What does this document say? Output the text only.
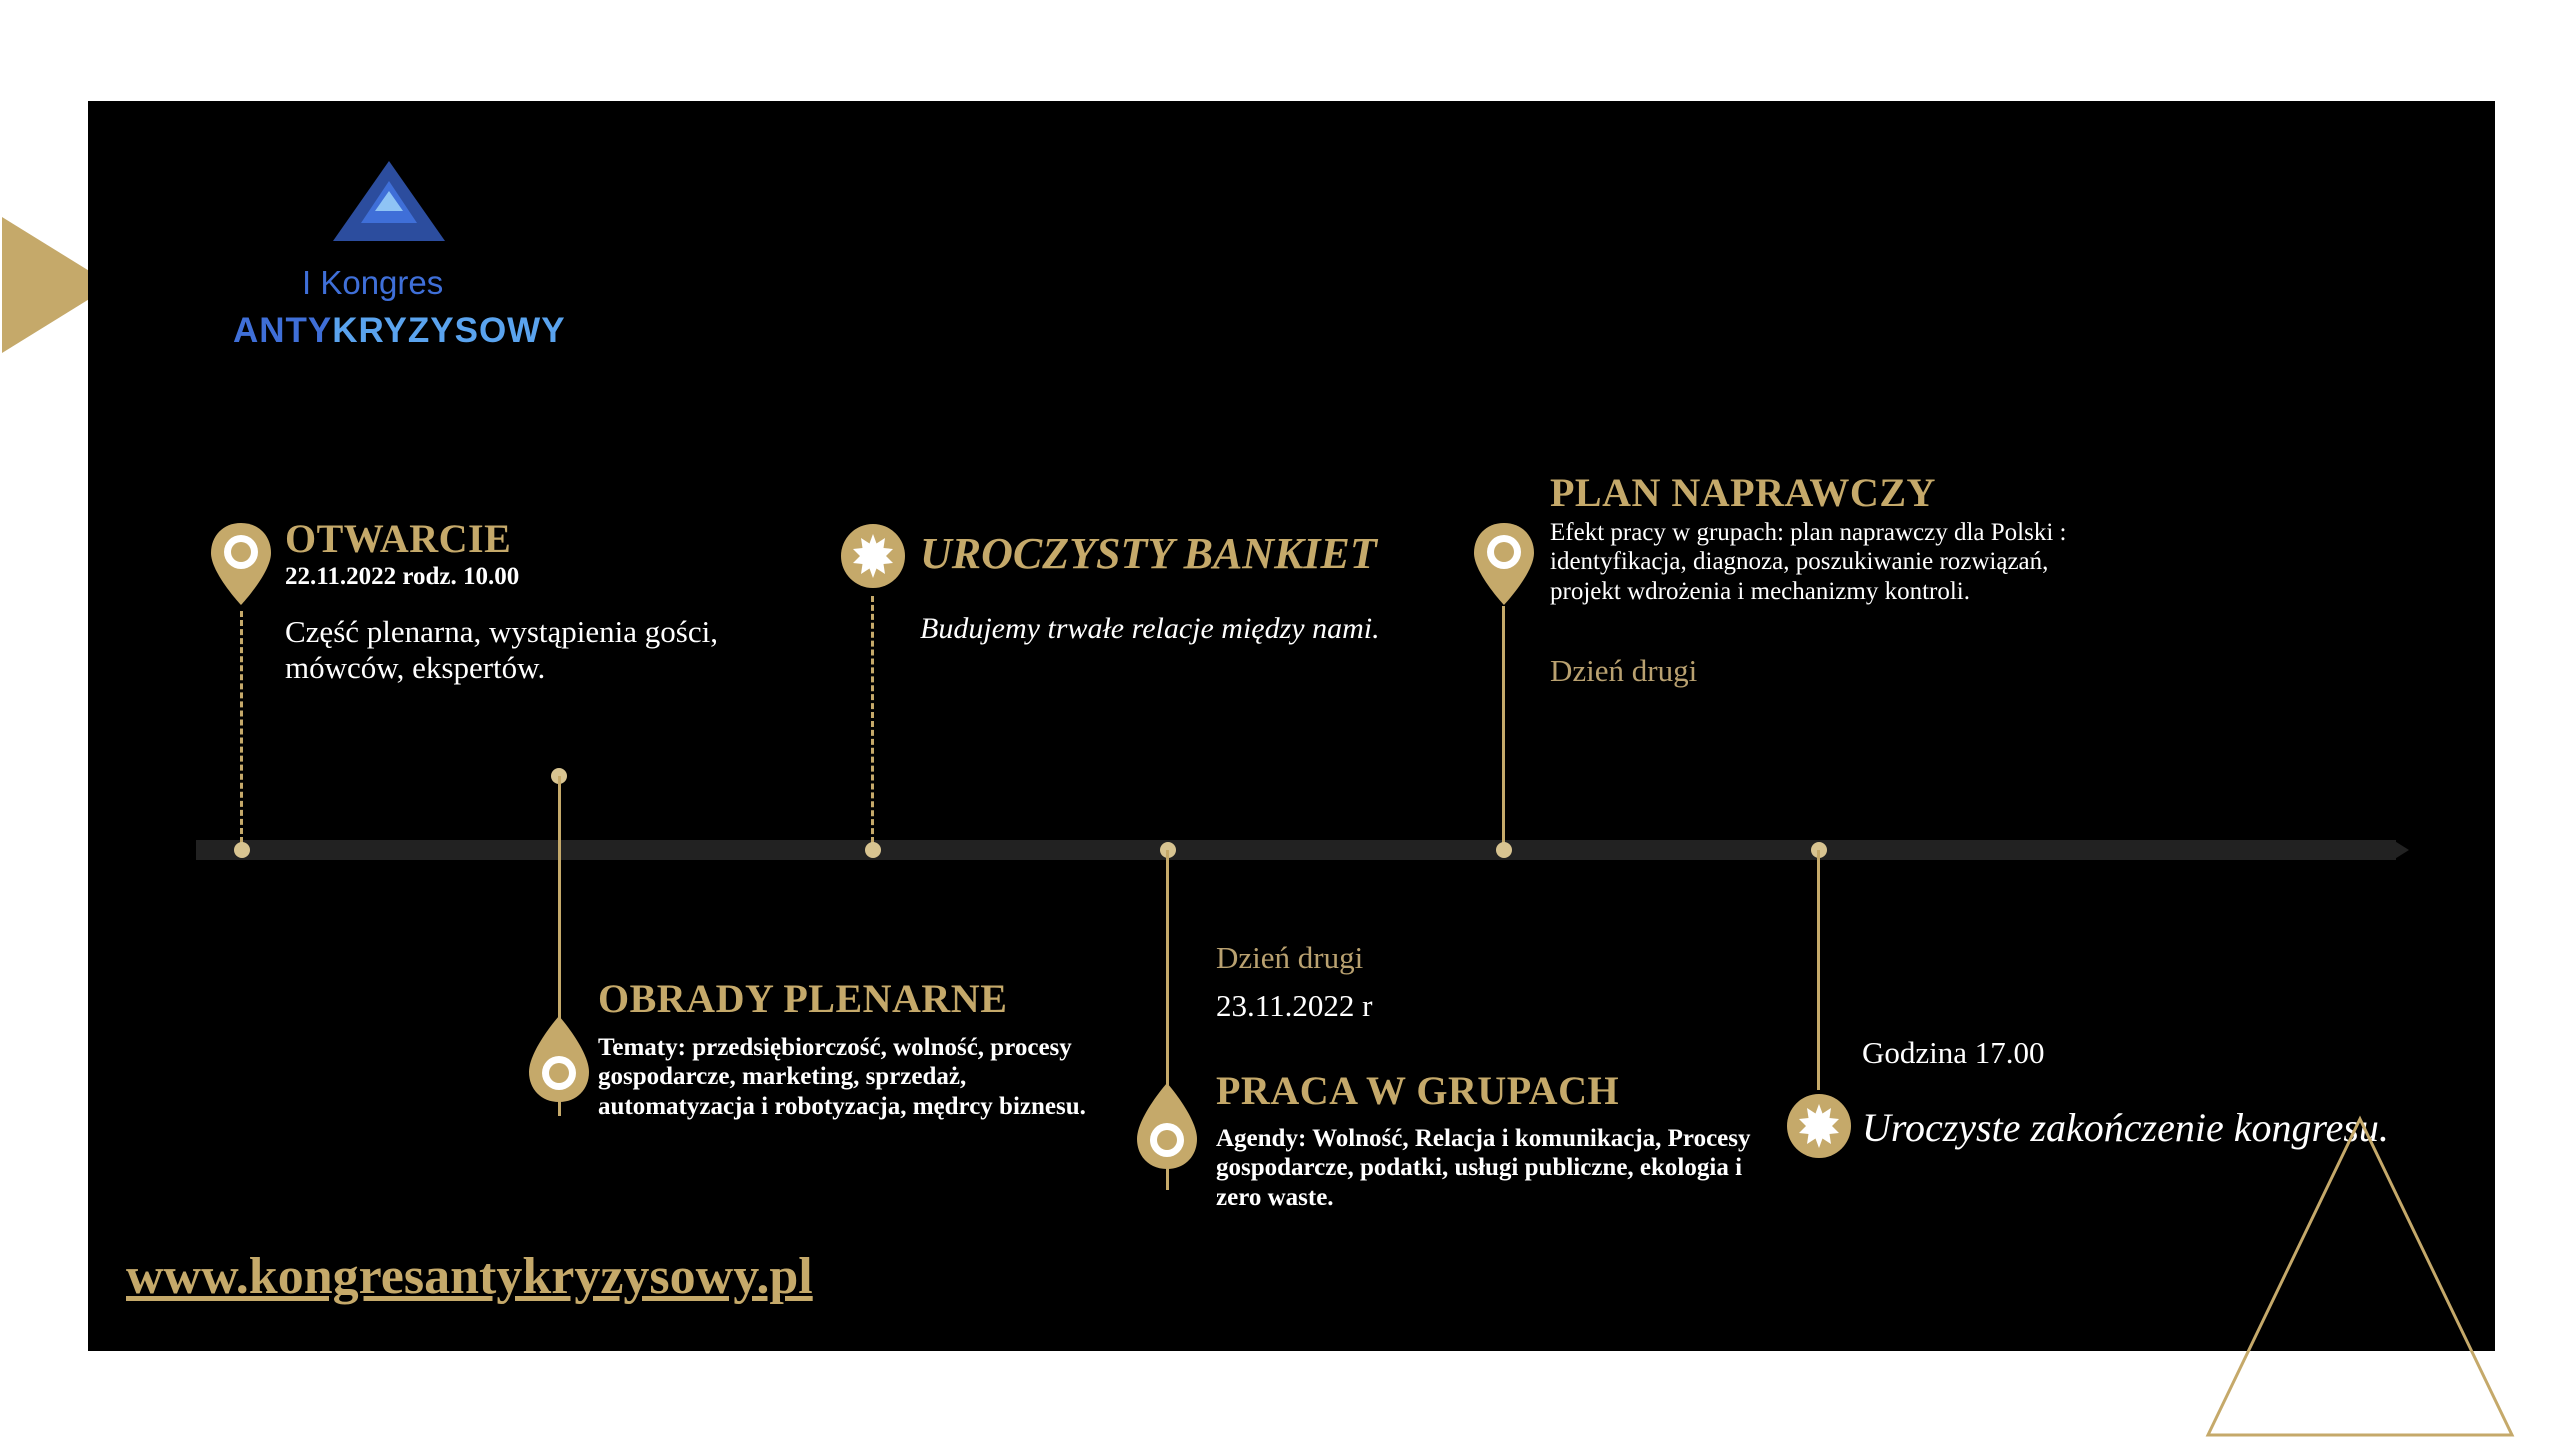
I Kongres
ANTYKRYZYSOWY
OTWARCIE
22.11.2022 rodz. 10.00
Część plenarna, wystąpienia gości, mówców, ekspertów.
UROCZYSTY BANKIET
Budujemy trwałe relacje między nami.
PLAN NAPRAWCZY
Efekt pracy w grupach: plan naprawczy dla Polski : identyfikacja, diagnoza, poszukiwanie rozwiązań, projekt wdrożenia i mechanizmy kontroli.
Dzień drugi
OBRADY PLENARNE
Tematy: przedsiębiorczość, wolność, procesy gospodarcze, marketing, sprzedaż, automatyzacja i robotyzacja, mędrcy biznesu.
Dzień drugi
23.11.2022 r
PRACA W GRUPACH
Agendy: Wolność, Relacja i komunikacja, Procesy gospodarcze, podatki, usługi publiczne, ekologia i zero waste.
Godzina 17.00
Uroczyste zakończenie kongresu.
www.kongresantykryzysowy.pl
